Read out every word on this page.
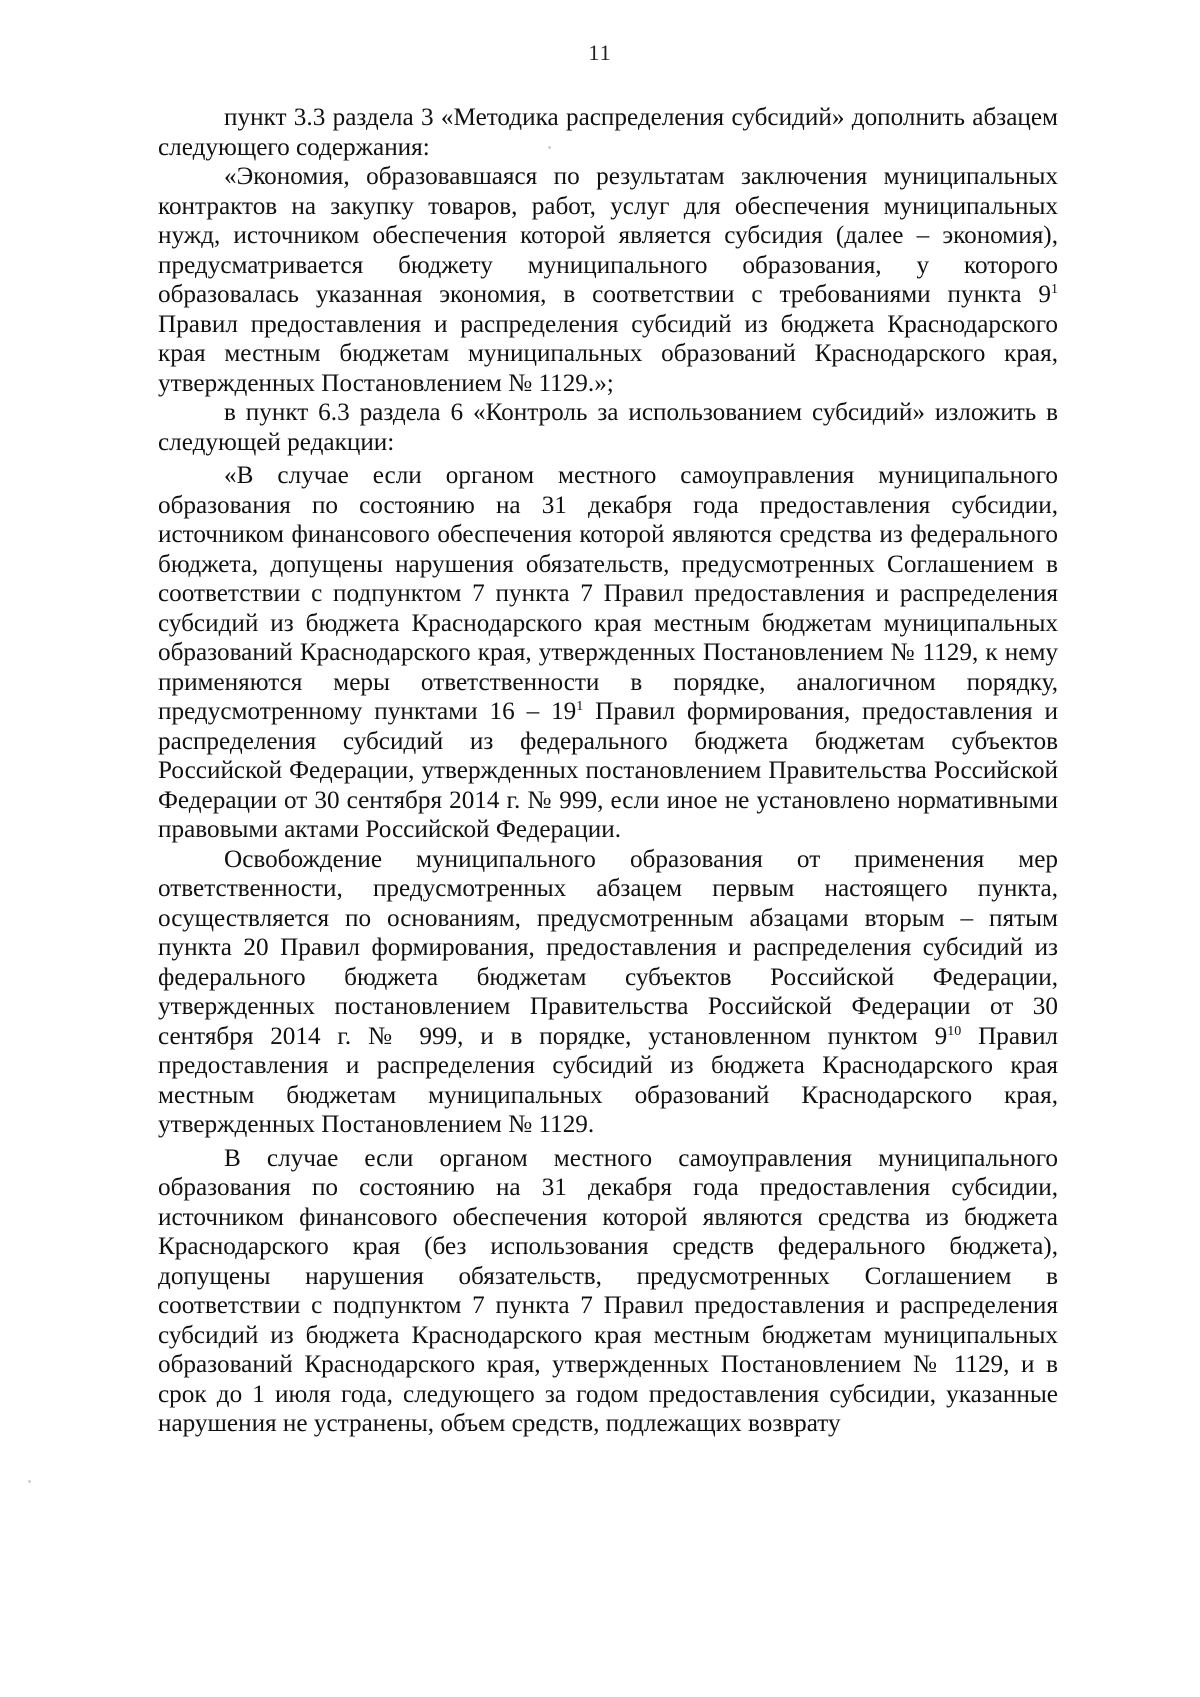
11

пункт 3.3 раздела 3 «Методика распределения субсидий» дополнить абзацем следующего содержания:

«Экономия, образовавшаяся по результатам заключения муниципальных контрактов на закупку товаров, работ, услуг для обеспечения муниципальных нужд, источником обеспечения которой является субсидия (далее – экономия), предусматривается бюджету муниципального образования, у которого образовалась указанная экономия, в соответствии с требованиями пункта $9^1$ Правил предоставления и распределения субсидий из бюджета Краснодарского края местным бюджетам муниципальных образований Краснодарского края, утвержденных Постановлением № 1129.»;

в пункт 6.3 раздела 6 «Контроль за использованием субсидий» изложить в следующей редакции:

«В случае если органом местного самоуправления муниципального образования по состоянию на 31 декабря года предоставления субсидии, источником финансового обеспечения которой являются средства из федерального бюджета, допущены нарушения обязательств, предусмотренных Соглашением в соответствии с подпунктом 7 пункта 7 Правил предоставления и распределения субсидий из бюджета Краснодарского края местным бюджетам муниципальных образований Краснодарского края, утвержденных Постановлением № 1129, к нему применяются меры ответственности в порядке, аналогичном порядку, предусмотренному пунктами $16 - 19^1$ Правил формирования, предоставления и распределения субсидий из федерального бюджета бюджетам субъектов Российской Федерации, утвержденных постановлением Правительства Российской Федерации от 30 сентября 2014 г. № 999, если иное не установлено нормативными правовыми актами Российской Федерации.

Освобождение муниципального образования от применения мер ответственности, предусмотренных абзацем первым настоящего пункта, осуществляется по основаниям, предусмотренным абзацами вторым – пятым пункта 20 Правил формирования, предоставления и распределения субсидий из федерального бюджета бюджетам субъектов Российской Федерации, утвержденных постановлением Правительства Российской Федерации от 30 сентября 2014 г. № 999, и в порядке, установленном пунктом $9^{10}$ Правил предоставления и распределения субсидий из бюджета Краснодарского края местным бюджетам муниципальных образований Краснодарского края, утвержденных Постановлением № 1129.

В случае если органом местного самоуправления муниципального образования по состоянию на 31 декабря года предоставления субсидии, источником финансового обеспечения которой являются средства из бюджета Краснодарского края (без использования средств федерального бюджета), допущены нарушения обязательств, предусмотренных Соглашением в соответствии с подпунктом 7 пункта 7 Правил предоставления и распределения субсидий из бюджета Краснодарского края местным бюджетам муниципальных образований Краснодарского края, утвержденных Постановлением № 1129, и в срок до 1 июля года, следующего за годом предоставления субсидии, указанные нарушения не устранены, объем средств, подлежащих возврату
